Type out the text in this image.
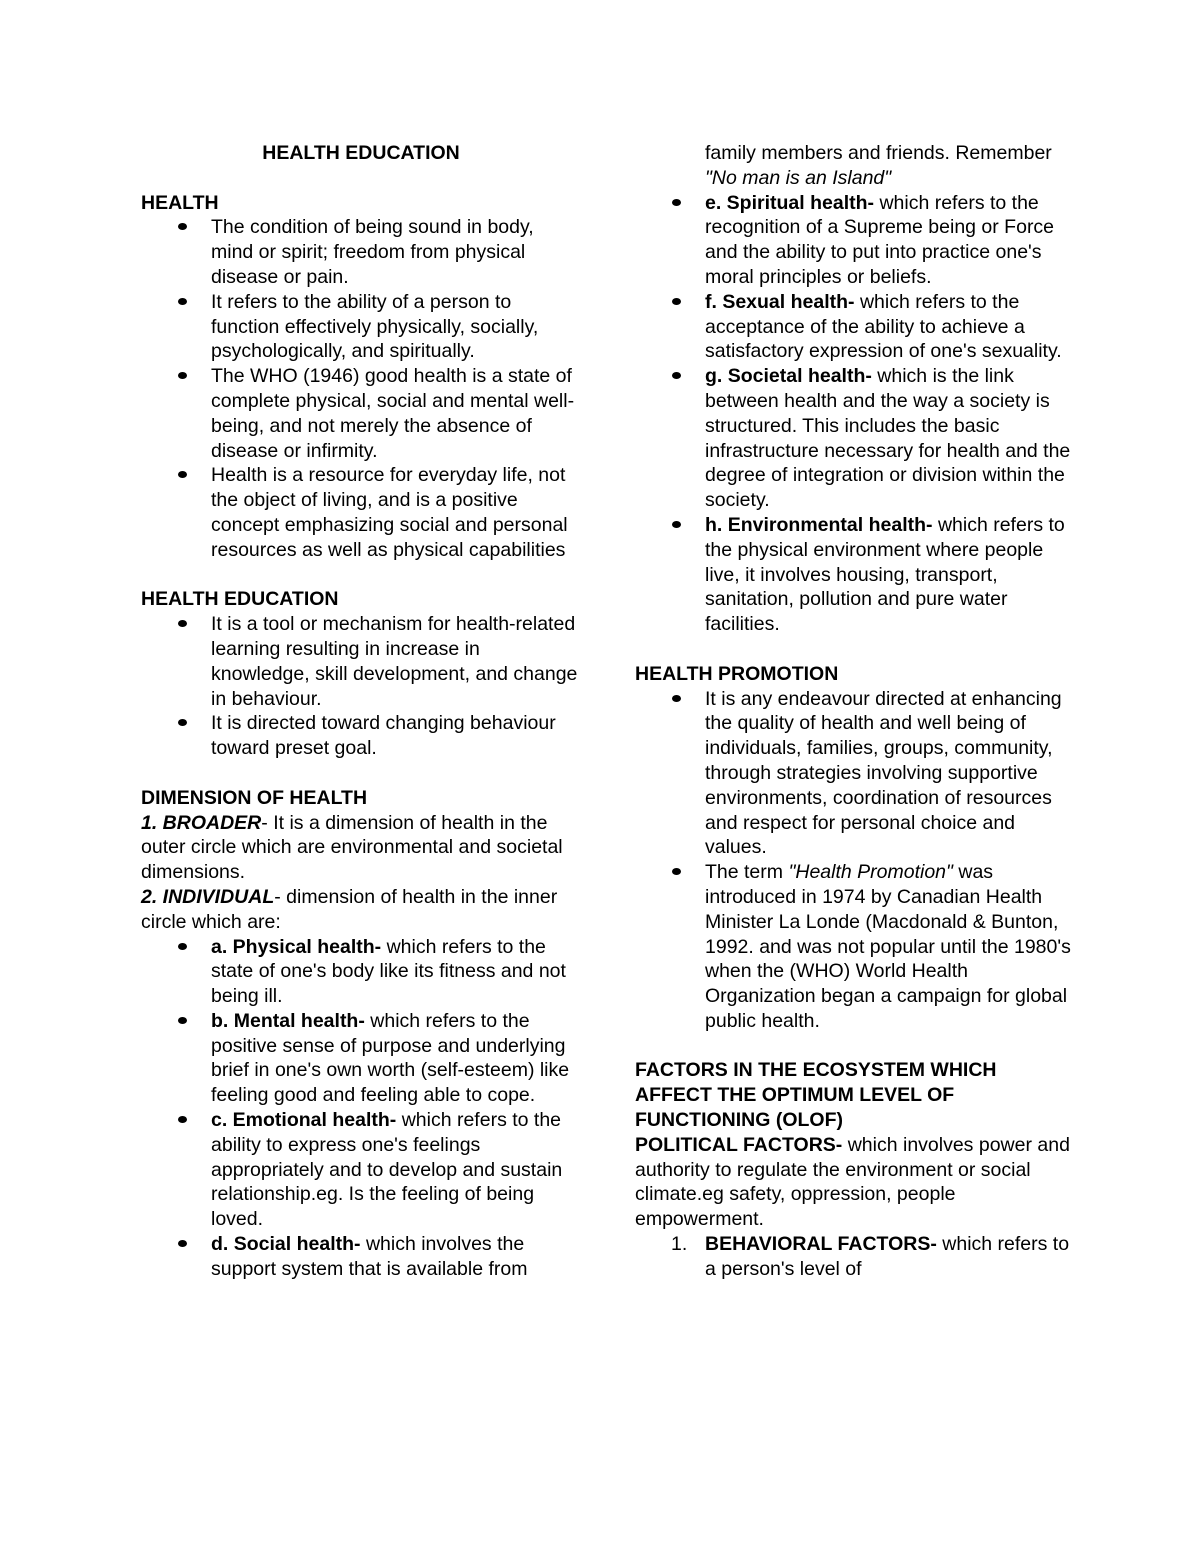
HEALTH EDUCATION

HEALTH

The condition of being sound in body, mind or spirit; freedom from physical disease or pain.
It refers to the ability of a person to function effectively physically, socially, psychologically, and spiritually.
The WHO (1946) good health is a state of complete physical, social and mental well-being, and not merely the absence of disease or infirmity.
Health is a resource for everyday life, not the object of living, and is a positive concept emphasizing social and personal resources as well as physical capabilities

HEALTH EDUCATION

It is a tool or mechanism for health-related learning resulting in increase in knowledge, skill development, and change in behaviour.
It is directed toward changing behaviour toward preset goal.

DIMENSION OF HEALTH

1. BROADER- It is a dimension of health in the outer circle which are environmental and societal dimensions.

2. INDIVIDUAL- dimension of health in the inner circle which are:

a. Physical health- which refers to the state of one's body like its fitness and not being ill.
b. Mental health- which refers to the positive sense of purpose and underlying brief in one's own worth (self-esteem) like feeling good and feeling able to cope.
c. Emotional health- which refers to the ability to express one's feelings appropriately and to develop and sustain relationship.eg. Is the feeling of being loved.
d. Social health- which involves the support system that is available from
family members and friends. Remember "No man is an Island"
e. Spiritual health- which refers to the recognition of a Supreme being or Force and the ability to put into practice one's moral principles or beliefs.
f. Sexual health- which refers to the acceptance of the ability to achieve a satisfactory expression of one's sexuality.
g. Societal health- which is the link between health and the way a society is structured. This includes the basic infrastructure necessary for health and the degree of integration or division within the society.
h. Environmental health- which refers to the physical environment where people live, it involves housing, transport, sanitation, pollution and pure water facilities.

HEALTH PROMOTION

It is any endeavour directed at enhancing the quality of health and well being of individuals, families, groups, community, through strategies involving supportive environments, coordination of resources and respect for personal choice and values.
The term "Health Promotion" was introduced in 1974 by Canadian Health Minister La Londe (Macdonald & Bunton, 1992. and was not popular until the 1980's when the (WHO) World Health Organization began a campaign for global public health.

FACTORS IN THE ECOSYSTEM WHICH AFFECT THE OPTIMUM LEVEL OF FUNCTIONING (OLOF)

POLITICAL FACTORS- which involves power and authority to regulate the environment or social climate.eg safety, oppression, people empowerment.

1. BEHAVIORAL FACTORS- which refers to a person's level of
